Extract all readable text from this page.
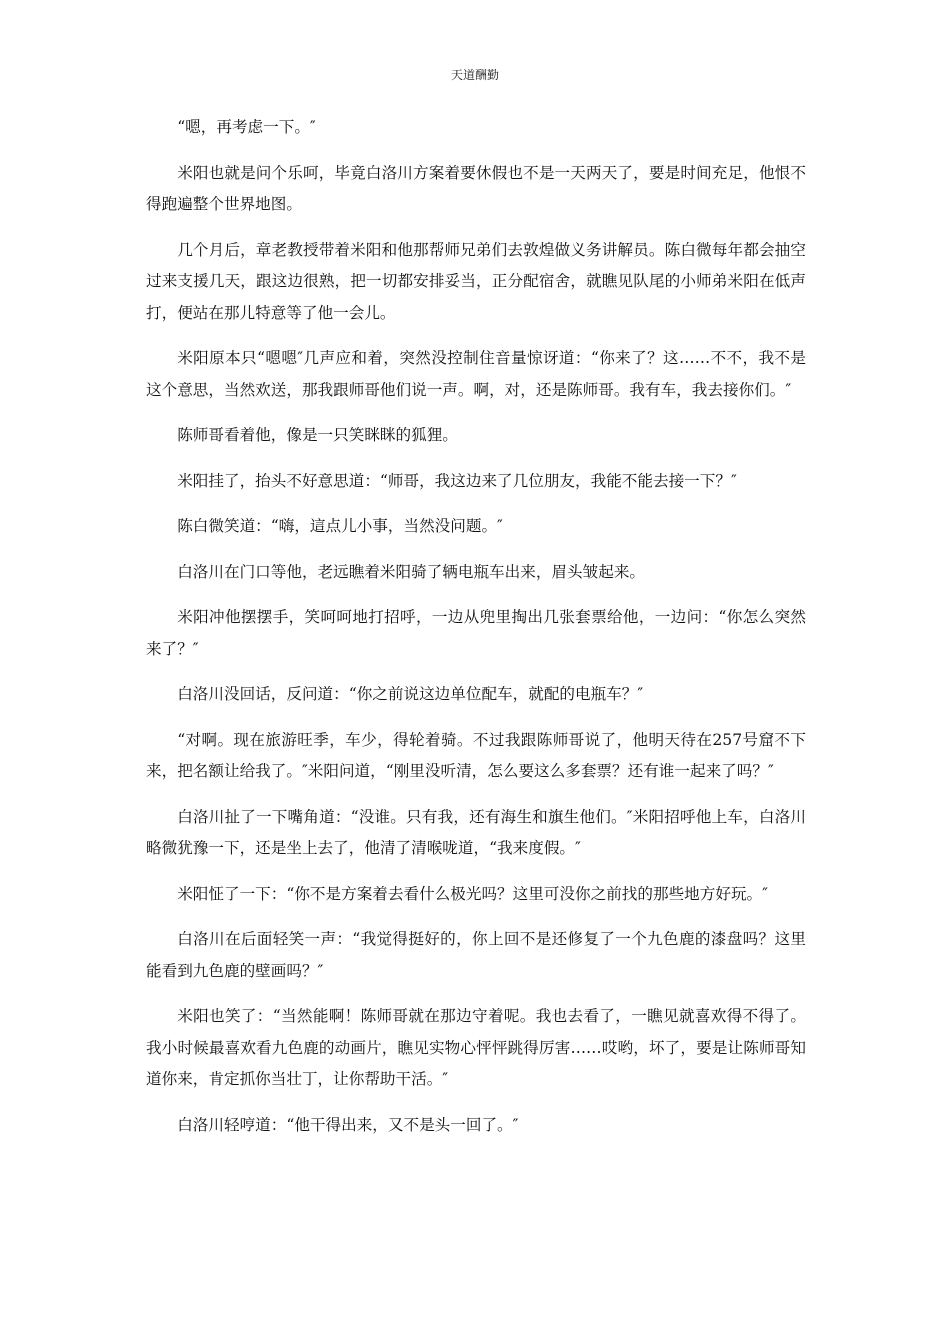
天道酬勤

“嗯，再考虑一下。″

米阳也就是问个乐呵，毕竟白洛川方案着要休假也不是一天两天了，要是时间充足，他恨不得跑遍整个世界地图。

几个月后，章老教授带着米阳和他那帮师兄弟们去敦煌做义务讲解员。陈白微每年都会抽空过来支援几天，跟这边很熟，把一切都安排妥当，正分配宿舍，就瞧见队尾的小师弟米阳在低声打，便站在那儿特意等了他一会儿。

米阳原本只“嗯嗯″几声应和着，突然没控制住音量惊讶道：“你来了？这……不不，我不是这个意思，当然欢送，那我跟师哥他们说一声。啊，对，还是陈师哥。我有车，我去接你们。″

陈师哥看着他，像是一只笑眯眯的狐狸。

米阳挂了，抬头不好意思道：“师哥，我这边来了几位朋友，我能不能去接一下？″

陈白微笑道：“嗨，這点儿小事，当然没问题。″

白洛川在门口等他，老远瞧着米阳骑了辆电瓶车出来，眉头皱起来。

米阳冲他摆摆手，笑呵呵地打招呼，一边从兜里掏出几张套票给他，一边问：“你怎么突然来了？″

白洛川没回话，反问道：“你之前说这边单位配车，就配的电瓶车？″

“对啊。现在旅游旺季，车少，得轮着骑。不过我跟陈师哥说了，他明天待在257号窟不下来，把名额让给我了。″米阳问道，“刚里没听清，怎么要这么多套票？还有谁一起来了吗？″

白洛川扯了一下嘴角道：“没谁。只有我，还有海生和旗生他们。″米阳招呼他上车，白洛川略微犹豫一下，还是坐上去了，他清了清喉咙道，“我来度假。″

米阳怔了一下：“你不是方案着去看什么极光吗？这里可没你之前找的那些地方好玩。″

白洛川在后面轻笑一声：“我觉得挺好的，你上回不是还修复了一个九色鹿的漆盘吗？这里能看到九色鹿的壁画吗？″

米阳也笑了：“当然能啊！陈师哥就在那边守着呢。我也去看了，一瞧见就喜欢得不得了。我小时候最喜欢看九色鹿的动画片，瞧见实物心怦怦跳得厉害……哎哟，坏了，要是让陈师哥知道你来，肯定抓你当壮丁，让你帮助干活。″

白洛川轻哼道：“他干得出来，又不是头一回了。″
